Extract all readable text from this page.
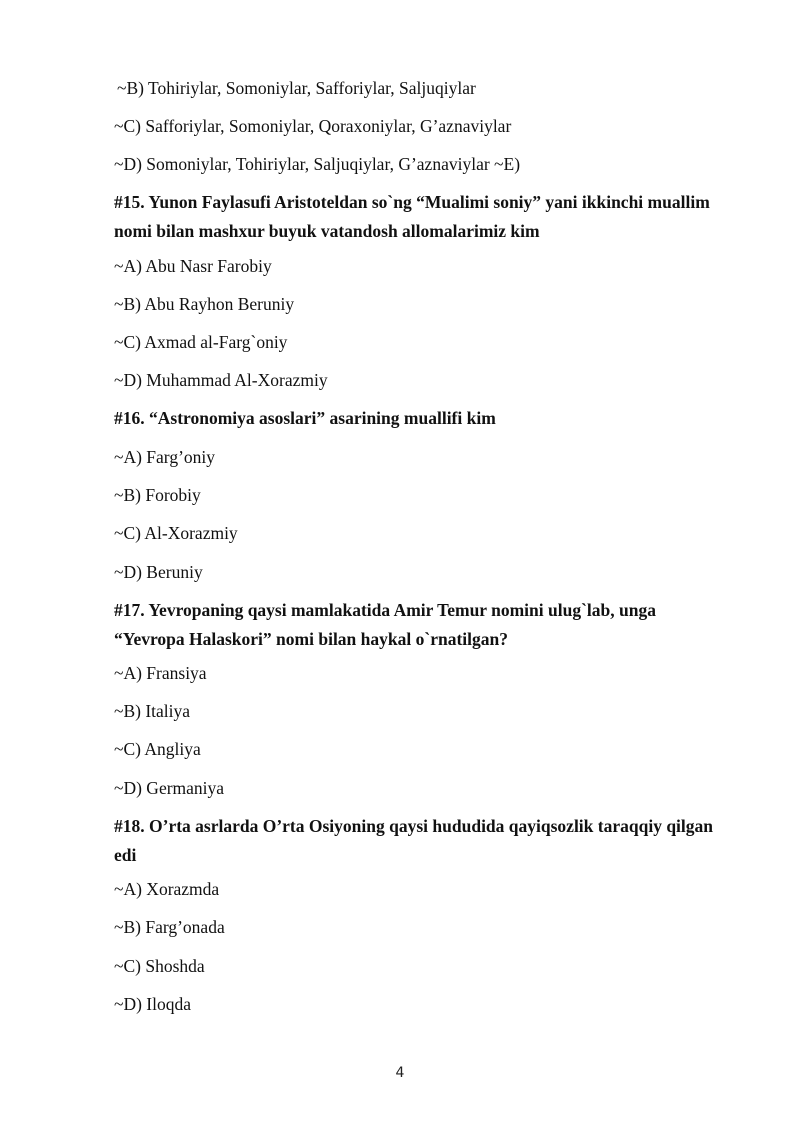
~B) Tohiriylar, Somoniylar, Safforiylar, Saljuqiylar
~C) Safforiylar, Somoniylar, Qoraxoniylar, G’aznaviylar
~D) Somoniylar, Tohiriylar, Saljuqiylar, G’aznaviylar ~E)
#15. Yunon Faylasufi Aristoteldan so`ng “Mualimi soniy” yani ikkinchi muallim nomi bilan mashxur buyuk vatandosh allomalarimiz kim
~A) Abu Nasr Farobiy
~B) Abu Rayhon Beruniy
~C) Axmad al-Farg`oniy
~D) Muhammad Al-Xorazmiy
#16. “Astronomiya asoslari” asarining muallifi kim
~A) Farg’oniy
~B) Forobiy
~C) Al-Xorazmiy
~D) Beruniy
#17. Yevropaning qaysi mamlakatida Amir Temur nomini ulug`lab, unga “Yevropa Halaskori” nomi bilan haykal o`rnatilgan?
~A) Fransiya
~B) Italiya
~C) Angliya
~D) Germaniya
#18. O’rta asrlarda O’rta Osiyoning qaysi hududida qayiqsozlik taraqqiy qilgan edi
~A) Xorazmda
~B) Farg’onada
~C) Shoshda
~D) Iloqda
4
